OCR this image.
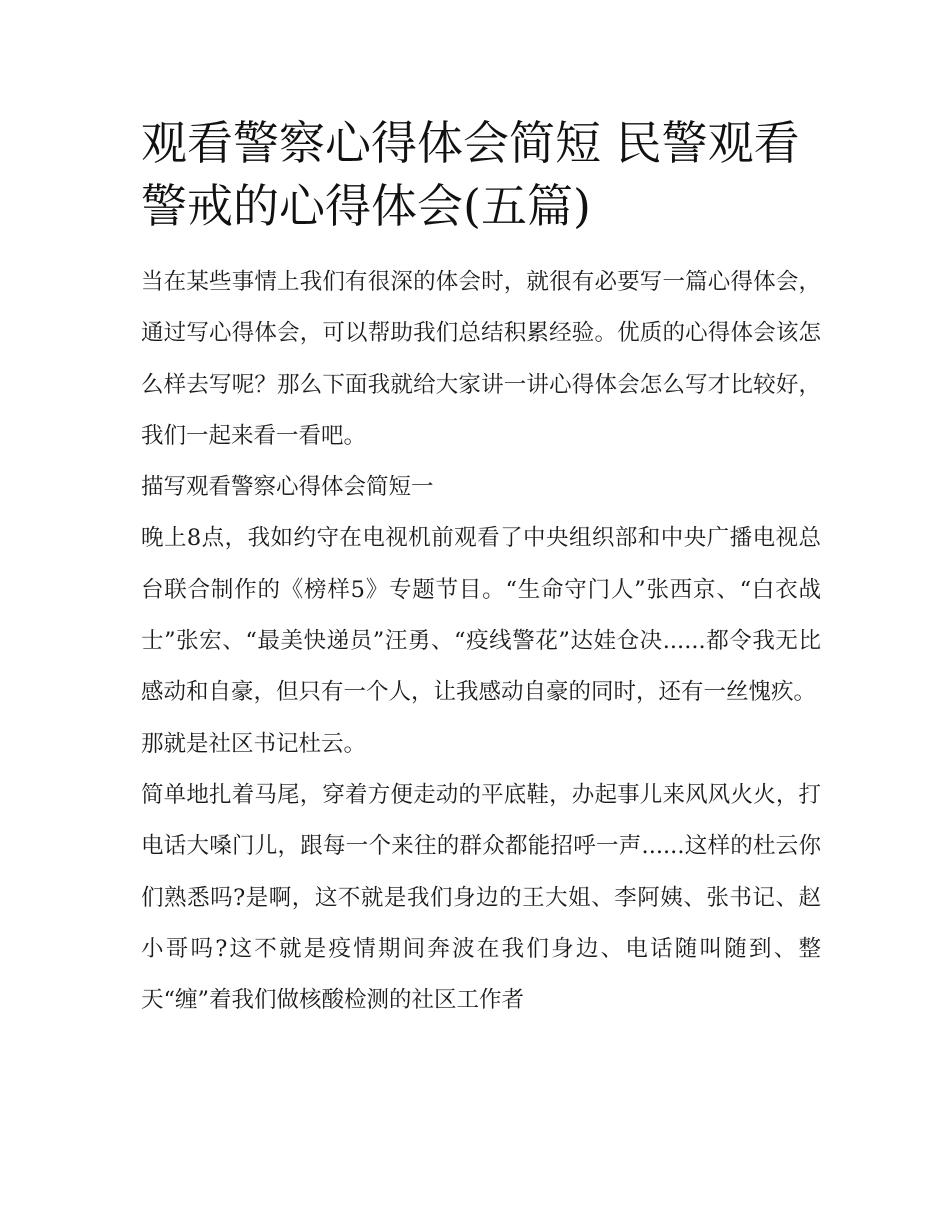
观看警察心得体会简短 民警观看警戒的心得体会(五篇)

当在某些事情上我们有很深的体会时，就很有必要写一篇心得体会，通过写心得体会，可以帮助我们总结积累经验。优质的心得体会该怎么样去写呢？那么下面我就给大家讲一讲心得体会怎么写才比较好，我们一起来看一看吧。

描写观看警察心得体会简短一

晚上8点，我如约守在电视机前观看了中央组织部和中央广播电视总台联合制作的《榜样5》专题节目。“生命守门人”张西京、“白衣战士”张宏、“最美快递员”汪勇、“疫线警花”达娃仓决......都令我无比感动和自豪，但只有一个人，让我感动自豪的同时，还有一丝愧疚。

那就是社区书记杜云。

简单地扎着马尾，穿着方便走动的平底鞋，办起事儿来风风火火，打电话大嗓门儿，跟每一个来往的群众都能招呼一声......这样的杜云你们熟悉吗?是啊，这不就是我们身边的王大姐、李阿姨、张书记、赵小哥吗?这不就是疫情期间奔波在我们身边、电话随叫随到、整天“缠”着我们做核酸检测的社区工作者
